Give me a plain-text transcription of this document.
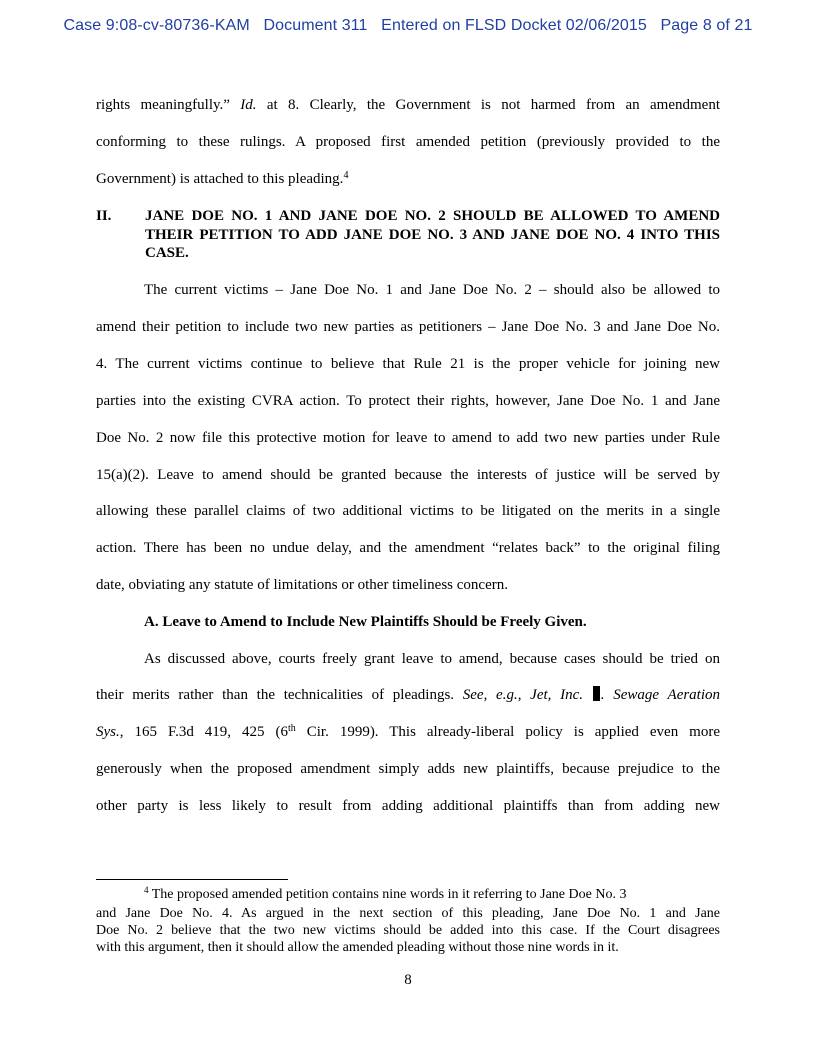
Case 9:08-cv-80736-KAM Document 311 Entered on FLSD Docket 02/06/2015 Page 8 of 21
rights meaningfully.” Id. at 8. Clearly, the Government is not harmed from an amendment
conforming to these rulings. A proposed first amended petition (previously provided to the
Government) is attached to this pleading.$^4$
II. JANE DOE NO. 1 AND JANE DOE NO. 2 SHOULD BE ALLOWED TO AMEND THEIR PETITION TO ADD JANE DOE NO. 3 AND JANE DOE NO. 4 INTO THIS CASE.
The current victims – Jane Doe No. 1 and Jane Doe No. 2 – should also be allowed to
amend their petition to include two new parties as petitioners – Jane Doe No. 3 and Jane Doe No.
4. The current victims continue to believe that Rule 21 is the proper vehicle for joining new
parties into the existing CVRA action. To protect their rights, however, Jane Doe No. 1 and Jane
Doe No. 2 now file this protective motion for leave to amend to add two new parties under Rule
15(a)(2). Leave to amend should be granted because the interests of justice will be served by
allowing these parallel claims of two additional victims to be litigated on the merits in a single
action. There has been no undue delay, and the amendment “relates back” to the original filing
date, obviating any statute of limitations or other timeliness concern.
A. Leave to Amend to Include New Plaintiffs Should be Freely Given.
As discussed above, courts freely grant leave to amend, because cases should be tried on
their merits rather than the technicalities of pleadings. See, e.g., Jet, Inc. . Sewage Aeration
Sys., 165 F.3d 419, 425 (6th Cir. 1999). This already-liberal policy is applied even more
generously when the proposed amendment simply adds new plaintiffs, because prejudice to the
other party is less likely to result from adding additional plaintiffs than from adding new
$^4$ The proposed amended petition contains nine words in it referring to Jane Doe No. 3
and Jane Doe No. 4. As argued in the next section of this pleading, Jane Doe No. 1 and Jane
Doe No. 2 believe that the two new victims should be added into this case. If the Court disagrees
with this argument, then it should allow the amended pleading without those nine words in it.
8
